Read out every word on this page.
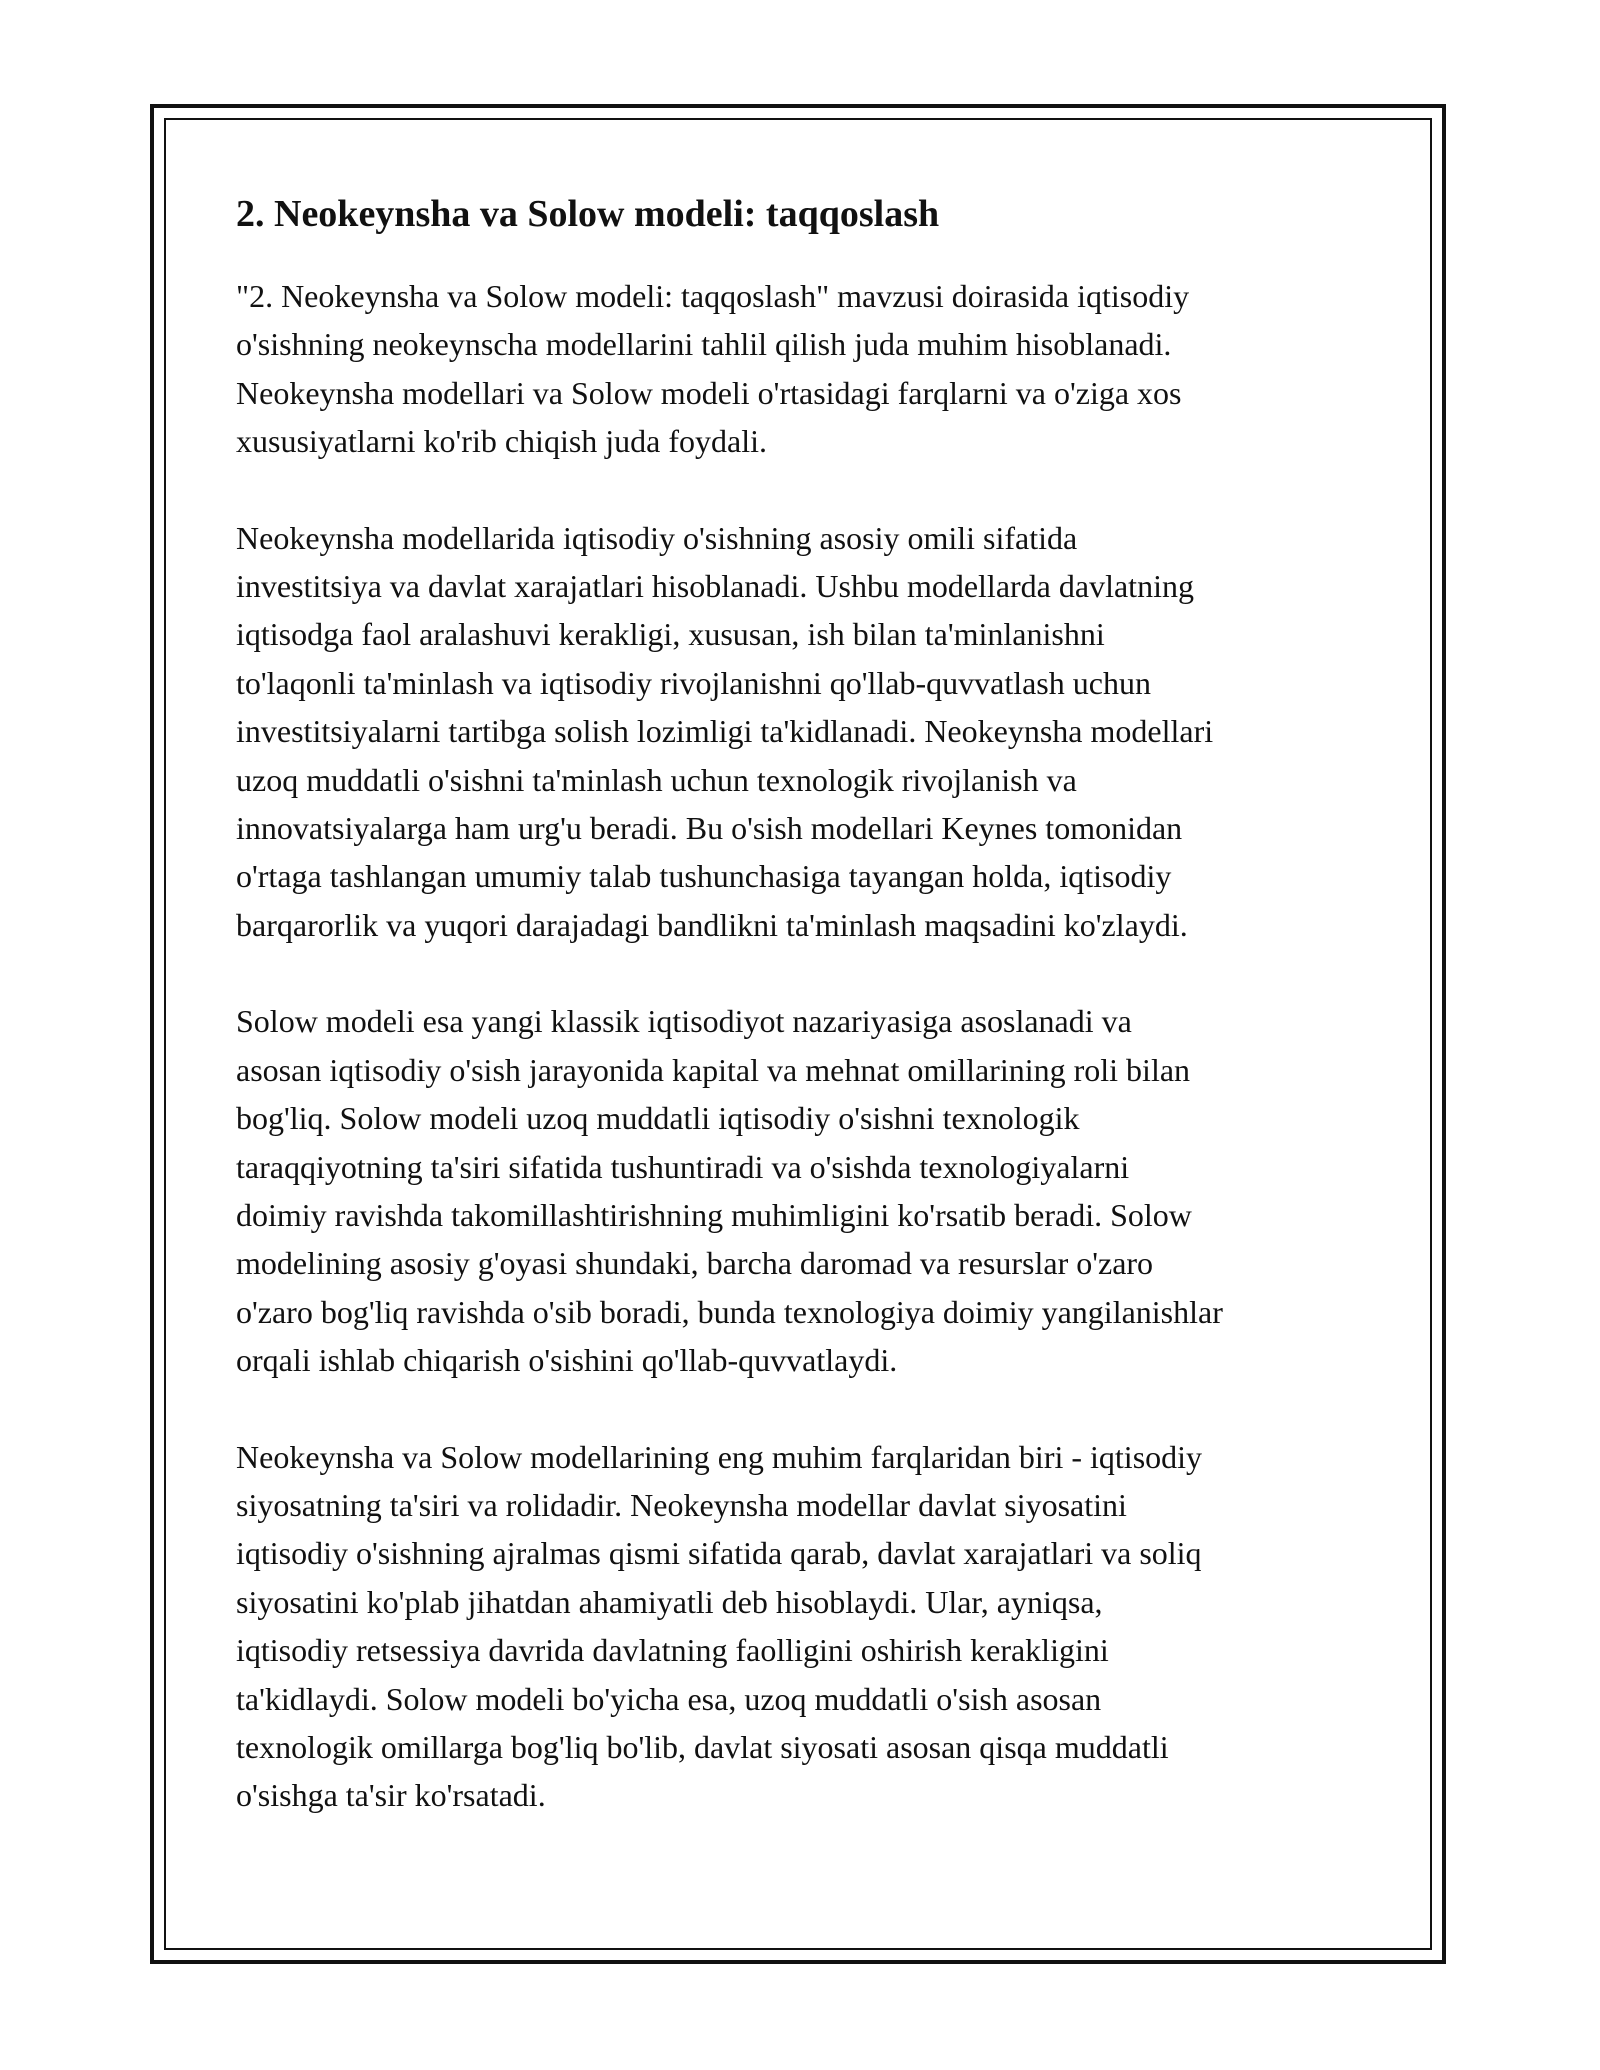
2. Neokeynsha va Solow modeli: taqqoslash

"2. Neokeynsha va Solow modeli: taqqoslash" mavzusi doirasida iqtisodiy
o'sishning neokeynscha modellarini tahlil qilish juda muhim hisoblanadi.
Neokeynsha modellari va Solow modeli o'rtasidagi farqlarni va o'ziga xos
xususiyatlarni ko'rib chiqish juda foydali.

Neokeynsha modellarida iqtisodiy o'sishning asosiy omili sifatida
investitsiya va davlat xarajatlari hisoblanadi. Ushbu modellarda davlatning
iqtisodga faol aralashuvi kerakligi, xususan, ish bilan ta'minlanishni
to'laqonli ta'minlash va iqtisodiy rivojlanishni qo'llab-quvvatlash uchun
investitsiyalarni tartibga solish lozimligi ta'kidlanadi. Neokeynsha modellari
uzoq muddatli o'sishni ta'minlash uchun texnologik rivojlanish va
innovatsiyalarga ham urg'u beradi. Bu o'sish modellari Keynes tomonidan
o'rtaga tashlangan umumiy talab tushunchasiga tayangan holda, iqtisodiy
barqarorlik va yuqori darajadagi bandlikni ta'minlash maqsadini ko'zlaydi.

Solow modeli esa yangi klassik iqtisodiyot nazariyasiga asoslanadi va
asosan iqtisodiy o'sish jarayonida kapital va mehnat omillarining roli bilan
bog'liq. Solow modeli uzoq muddatli iqtisodiy o'sishni texnologik
taraqqiyotning ta'siri sifatida tushuntiradi va o'sishda texnologiyalarni
doimiy ravishda takomillashtirishning muhimligini ko'rsatib beradi. Solow
modelining asosiy g'oyasi shundaki, barcha daromad va resurslar o'zaro
o'zaro bog'liq ravishda o'sib boradi, bunda texnologiya doimiy yangilanishlar
orqali ishlab chiqarish o'sishini qo'llab-quvvatlaydi.

Neokeynsha va Solow modellarining eng muhim farqlaridan biri - iqtisodiy
siyosatning ta'siri va rolidadir. Neokeynsha modellar davlat siyosatini
iqtisodiy o'sishning ajralmas qismi sifatida qarab, davlat xarajatlari va soliq
siyosatini ko'plab jihatdan ahamiyatli deb hisoblaydi. Ular, ayniqsa,
iqtisodiy retsessiya davrida davlatning faolligini oshirish kerakligini
ta'kidlaydi. Solow modeli bo'yicha esa, uzoq muddatli o'sish asosan
texnologik omillarga bog'liq bo'lib, davlat siyosati asosan qisqa muddatli
o'sishga ta'sir ko'rsatadi.
